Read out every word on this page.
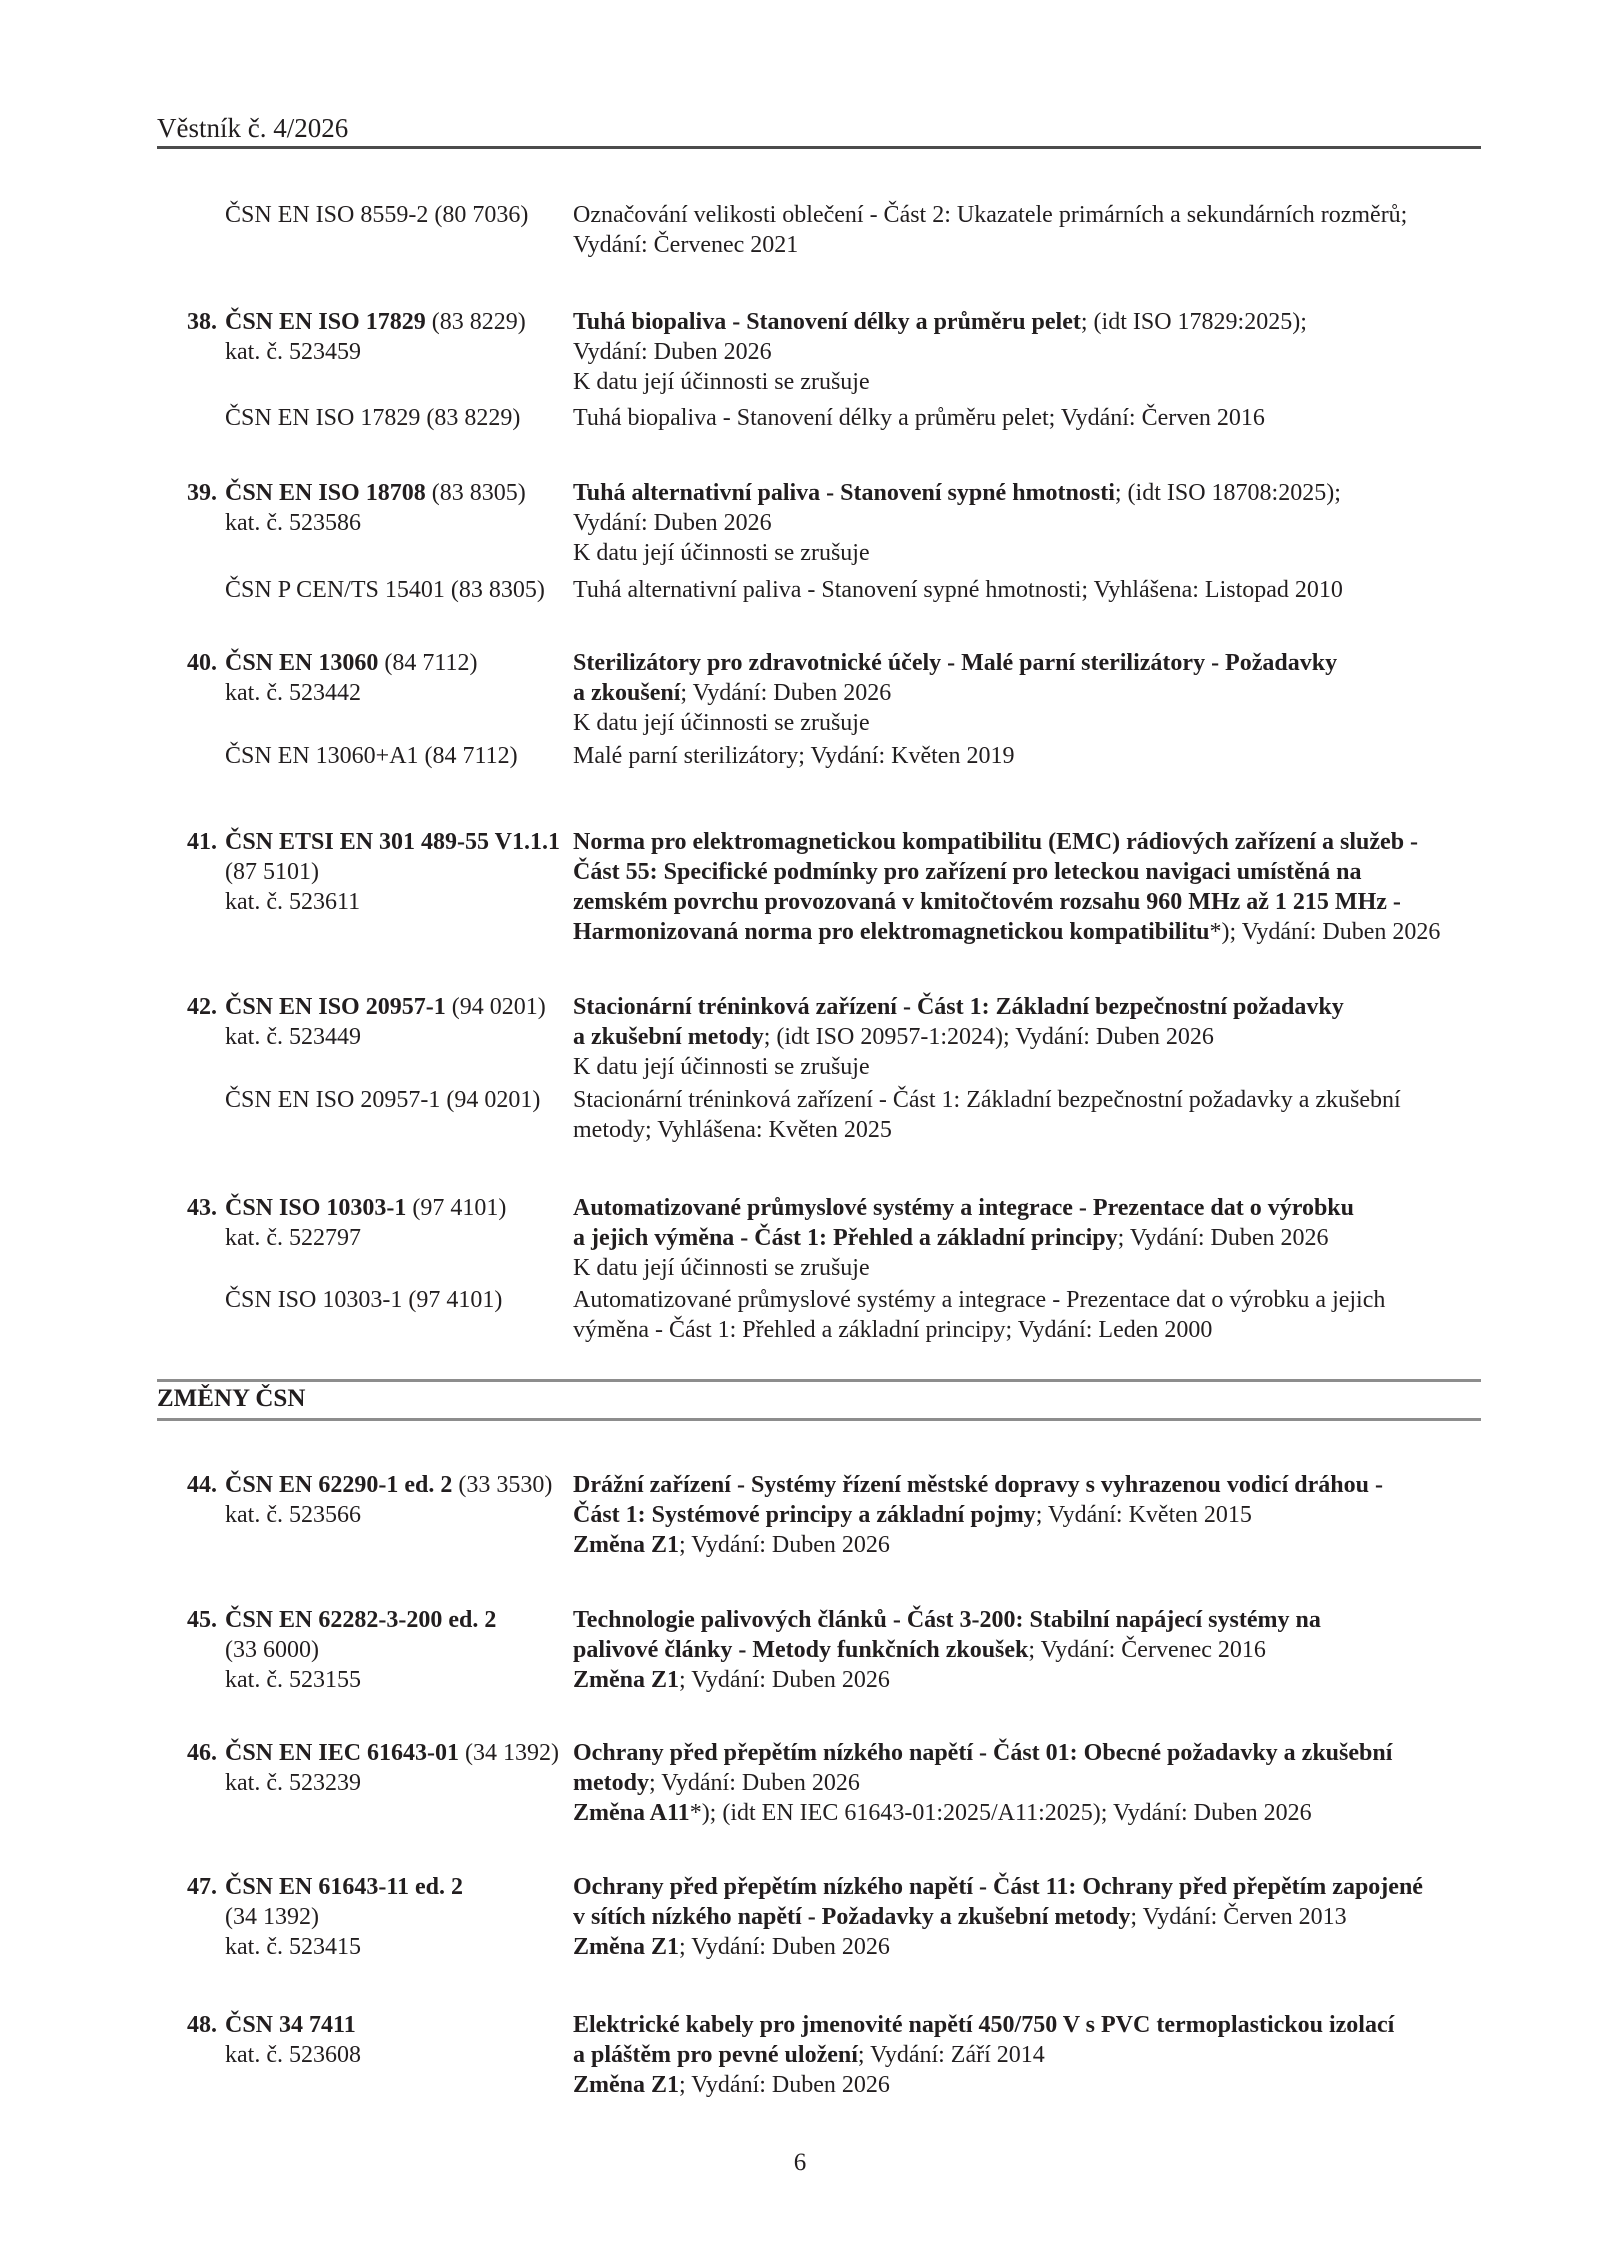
Věstník č. 4/2026
ZMĚNY ČSN
6
ČSN EN ISO 8559-2 (80 7036) Označování velikosti oblečení - Část 2: Ukazatele primárních a sekundárních rozměrů;
Vydání: Červenec 2021
38. ČSN EN ISO 17829 (83 8229)
kat. č. 523459
Tuhá biopaliva - Stanovení délky a průměru pelet; (idt ISO 17829:2025);
Vydání: Duben 2026
K datu její účinnosti se zrušuje
ČSN EN ISO 17829 (83 8229) Tuhá biopaliva - Stanovení délky a průměru pelet; Vydání: Červen 2016
39. ČSN EN ISO 18708 (83 8305)
kat. č. 523586
Tuhá alternativní paliva - Stanovení sypné hmotnosti; (idt ISO 18708:2025);
Vydání: Duben 2026
K datu její účinnosti se zrušuje
ČSN P CEN/TS 15401 (83 8305) Tuhá alternativní paliva - Stanovení sypné hmotnosti; Vyhlášena: Listopad 2010
40. ČSN EN 13060 (84 7112)
kat. č. 523442
Sterilizátory pro zdravotnické účely - Malé parní sterilizátory - Požadavky
a zkoušení; Vydání: Duben 2026
K datu její účinnosti se zrušuje
ČSN EN 13060+A1 (84 7112) Malé parní sterilizátory; Vydání: Květen 2019
41. ČSN ETSI EN 301 489-55 V1.1.1
(87 5101)
kat. č. 523611
Norma pro elektromagnetickou kompatibilitu (EMC) rádiových zařízení a služeb -
Část 55: Specifické podmínky pro zařízení pro leteckou navigaci umístěná na
zemském povrchu provozovaná v kmitočtovém rozsahu 960 MHz až 1 215 MHz -
Harmonizovaná norma pro elektromagnetickou kompatibilitu*); Vydání: Duben 2026
42. ČSN EN ISO 20957-1 (94 0201)
kat. č. 523449
Stacionární tréninková zařízení - Část 1: Základní bezpečnostní požadavky
a zkušební metody; (idt ISO 20957-1:2024); Vydání: Duben 2026
K datu její účinnosti se zrušuje
ČSN EN ISO 20957-1 (94 0201) Stacionární tréninková zařízení - Část 1: Základní bezpečnostní požadavky a zkušební
metody; Vyhlášena: Květen 2025
43. ČSN ISO 10303-1 (97 4101)
kat. č. 522797
Automatizované průmyslové systémy a integrace - Prezentace dat o výrobku
a jejich výměna - Část 1: Přehled a základní principy; Vydání: Duben 2026
K datu její účinnosti se zrušuje
ČSN ISO 10303-1 (97 4101)	Automatizované průmyslové systémy a integrace - Prezentace dat o výrobku a jejich
výměna - Část 1: Přehled a základní principy; Vydání: Leden 2000
44. ČSN EN 62290-1 ed. 2 (33 3530)
kat. č. 523566
Drážní zařízení - Systémy řízení městské dopravy s vyhrazenou vodicí dráhou -
Část 1: Systémové principy a základní pojmy; Vydání: Květen 2015
Změna Z1; Vydání: Duben 2026
45. ČSN EN 62282-3-200 ed. 2
(33 6000)
kat. č. 523155
Technologie palivových článků - Část 3-200: Stabilní napájecí systémy na
palivové články - Metody funkčních zkoušek; Vydání: Červenec 2016
Změna Z1; Vydání: Duben 2026
46. ČSN EN IEC 61643-01 (34 1392)
kat. č. 523239
Ochrany před přepětím nízkého napětí - Část 01: Obecné požadavky a zkušební
metody; Vydání: Duben 2026
Změna A11*); (idt EN IEC 61643-01:2025/A11:2025); Vydání: Duben 2026
47. ČSN EN 61643-11 ed. 2
(34 1392)
kat. č. 523415
Ochrany před přepětím nízkého napětí - Část 11: Ochrany před přepětím zapojené
v sítích nízkého napětí - Požadavky a zkušební metody; Vydání: Červen 2013
Změna Z1; Vydání: Duben 2026
48. ČSN 34 7411
kat. č. 523608
Elektrické kabely pro jmenovité napětí 450/750 V s PVC termoplastickou izolací
a pláštěm pro pevné uložení; Vydání: Září 2014
Změna Z1; Vydání: Duben 2026
